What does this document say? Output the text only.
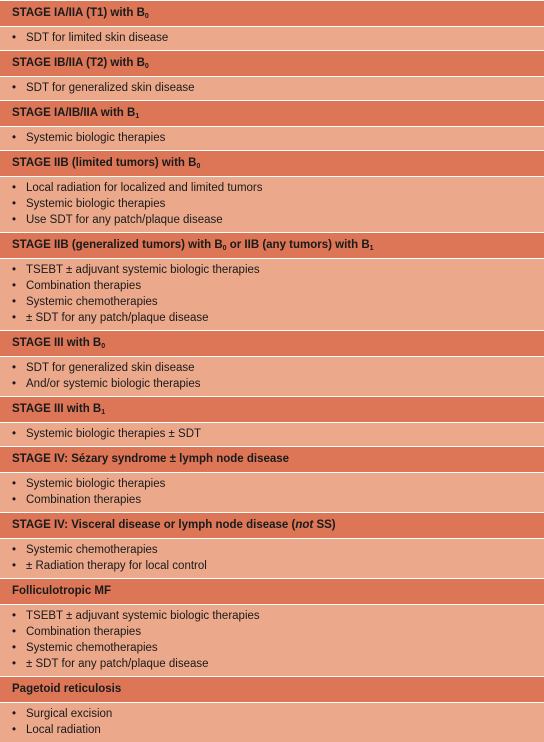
STAGE IA/IIA (T1) with $B_0$
• SDT for limited skin disease
STAGE IB/IIA (T2) with $B_0$
• SDT for generalized skin disease
STAGE IA/IB/IIA with $B_1$
• Systemic biologic therapies
STAGE IIB (limited tumors) with $B_0$
• Local radiation for localized and limited tumors
• Systemic biologic therapies
• Use SDT for any patch/plaque disease
STAGE IIB (generalized tumors) with $B_0$ or IIB (any tumors) with $B_1$
• TSEBT ± adjuvant systemic biologic therapies
• Combination therapies
• Systemic chemotherapies
• ± SDT for any patch/plaque disease
STAGE III with $B_0$
• SDT for generalized skin disease
• And/or systemic biologic therapies
STAGE III with $B_1$
• Systemic biologic therapies ± SDT
STAGE IV: Sézary syndrome ± lymph node disease
• Systemic biologic therapies
• Combination therapies
STAGE IV: Visceral disease or lymph node disease (not SS)
• Systemic chemotherapies
• ± Radiation therapy for local control
Folliculotropic MF
• TSEBT ± adjuvant systemic biologic therapies
• Combination therapies
• Systemic chemotherapies
• ± SDT for any patch/plaque disease
Pagetoid reticulosis
• Surgical excision
• Local radiation
